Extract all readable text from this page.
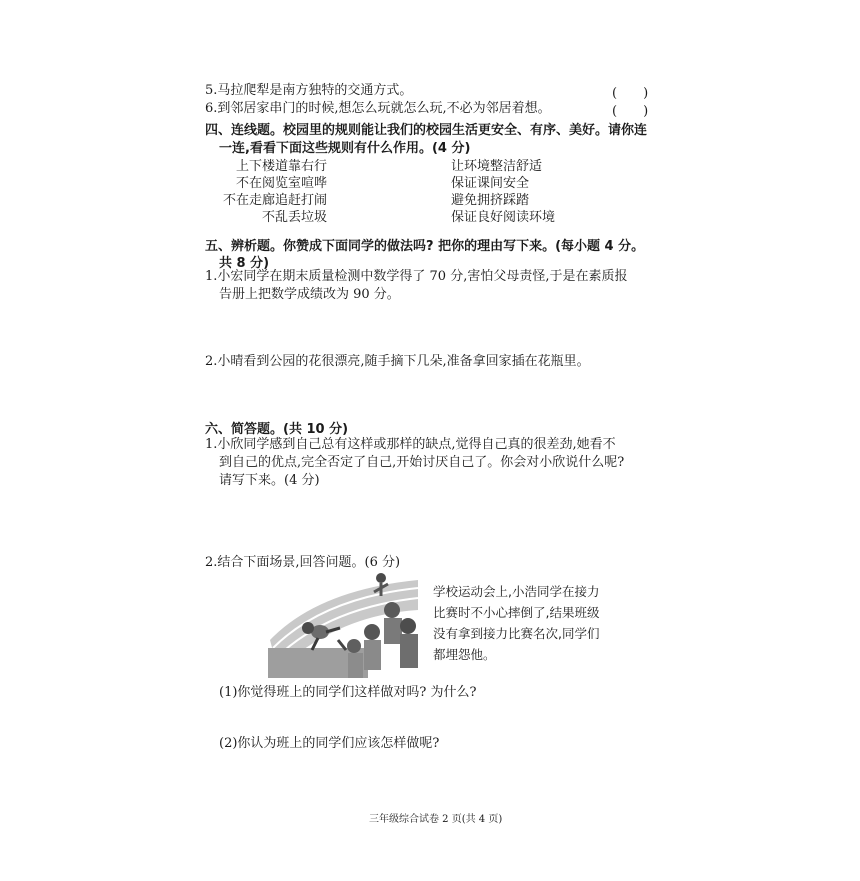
5.马拉爬犁是南方独特的交通方式。	(　　)
6.到邻居家串门的时候,想怎么玩就怎么玩,不必为邻居着想。	(　　)
四、连线题。校园里的规则能让我们的校园生活更安全、有序、美好。请你连
一连,看看下面这些规则有什么作用。(4 分)
上下楼道靠右行
不在阅览室喧哗
不在走廊追赶打闹
不乱丢垃圾
让环境整洁舒适
保证课间安全
避免拥挤踩踏
保证良好阅读环境
五、辨析题。你赞成下面同学的做法吗? 把你的理由写下来。(每小题 4 分。
共 8 分)
1.小宏同学在期末质量检测中数学得了 70 分,害怕父母责怪,于是在素质报
告册上把数学成绩改为 90 分。
2.小晴看到公园的花很漂亮,随手摘下几朵,准备拿回家插在花瓶里。
六、简答题。(共 10 分)
1.小欣同学感到自己总有这样或那样的缺点,觉得自己真的很差劲,她看不
到自己的优点,完全否定了自己,开始讨厌自己了。你会对小欣说什么呢?
请写下来。(4 分)
2.结合下面场景,回答问题。(6 分)
学校运动会上,小浩同学在接力
比赛时不小心摔倒了,结果班级
没有拿到接力比赛名次,同学们
都埋怨他。
(1)你觉得班上的同学们这样做对吗? 为什么?
(2)你认为班上的同学们应该怎样做呢?
三年级综合试卷 2 页(共 4 页)
